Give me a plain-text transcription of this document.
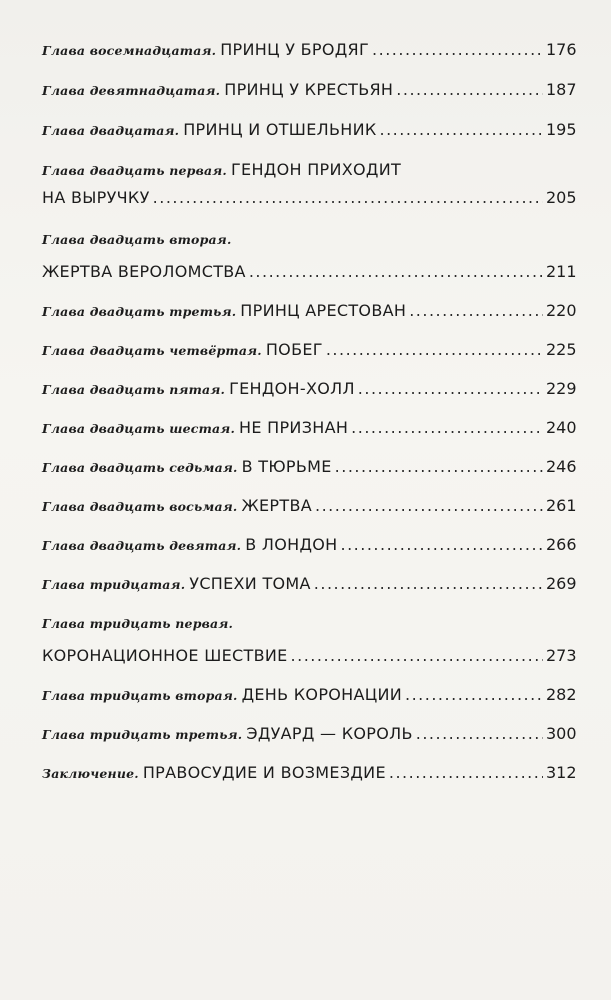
Глава восемнадцатая. ПРИНЦ У БРОДЯГ .....	176
Глава девятнадцатая. ПРИНЦ У КРЕСТЬЯН .....	187
Глава двадцатая. ПРИНЦ И ОТШЕЛЬНИК .....	195
Глава двадцать первая. ГЕНДОН ПРИХОДИТ
НА ВЫРУЧКУ .....	205
Глава двадцать вторая.
ЖЕРТВА ВЕРОЛОМСТВА .....	211
Глава двадцать третья. ПРИНЦ АРЕСТОВАН .....	220
Глава двадцать четвёртая. ПОБЕГ .....	225
Глава двадцать пятая. ГЕНДОН-ХОЛЛ .....	229
Глава двадцать шестая. НЕ ПРИЗНАН .....	240
Глава двадцать седьмая. В ТЮРЬМЕ .....	246
Глава двадцать восьмая. ЖЕРТВА .....	261
Глава двадцать девятая. В ЛОНДОН .....	266
Глава тридцатая. УСПЕХИ ТОМА .....	269
Глава тридцать первая.
КОРОНАЦИОННОЕ ШЕСТВИЕ .....	273
Глава тридцать вторая. ДЕНЬ КОРОНАЦИИ .....	282
Глава тридцать третья. ЭДУАРД — КОРОЛЬ .....	300
Заключение. ПРАВОСУДИЕ И ВОЗМЕЗДИЕ .....	312
